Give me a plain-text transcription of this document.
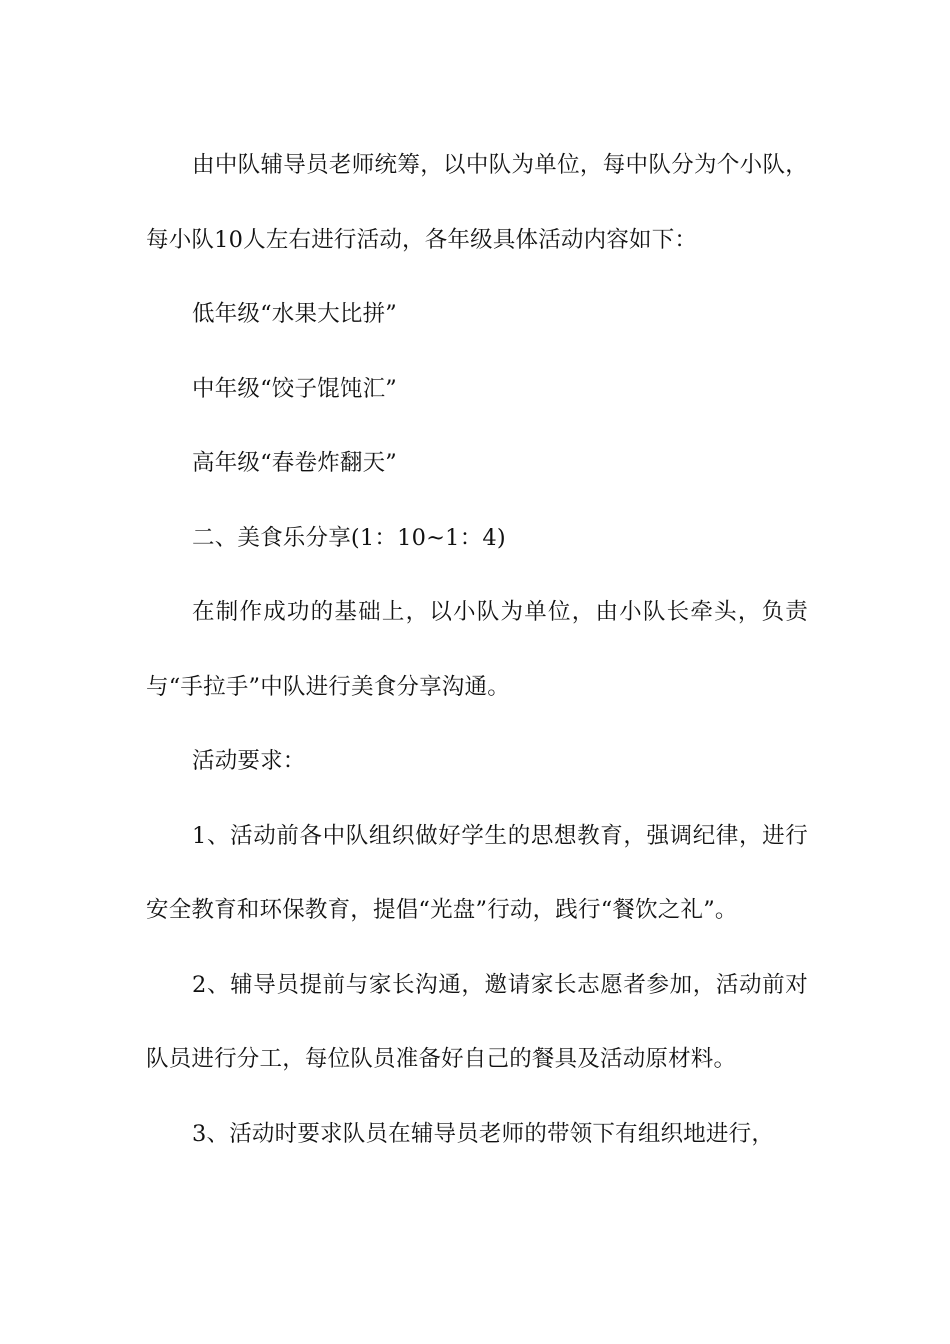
由中队辅导员老师统筹，以中队为单位，每中队分为个小队，每小队10人左右进行活动，各年级具体活动内容如下：

低年级“水果大比拼”

中年级“饺子馄饨汇”

高年级“春卷炸翻天”

二、美食乐分享(1：10~1：4)

在制作成功的基础上，以小队为单位，由小队长牵头，负责与“手拉手”中队进行美食分享沟通。

活动要求：

1、活动前各中队组织做好学生的思想教育，强调纪律，进行安全教育和环保教育，提倡“光盘”行动，践行“餐饮之礼”。

2、辅导员提前与家长沟通，邀请家长志愿者参加，活动前对队员进行分工，每位队员准备好自己的餐具及活动原材料。

3、活动时要求队员在辅导员老师的带领下有组织地进行，
